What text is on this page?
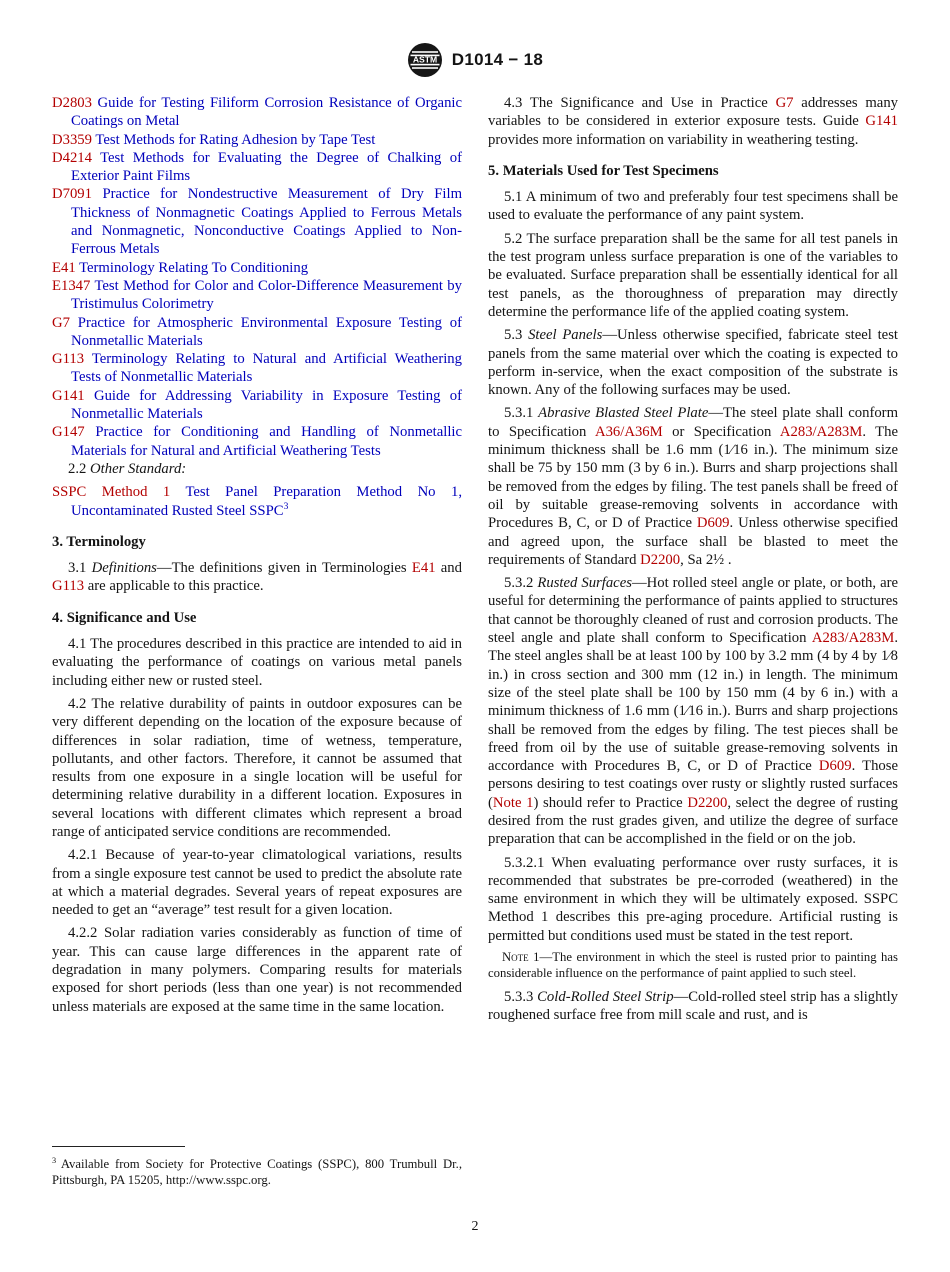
ASTM D1014 − 18
D2803 Guide for Testing Filiform Corrosion Resistance of Organic Coatings on Metal
D3359 Test Methods for Rating Adhesion by Tape Test
D4214 Test Methods for Evaluating the Degree of Chalking of Exterior Paint Films
D7091 Practice for Nondestructive Measurement of Dry Film Thickness of Nonmagnetic Coatings Applied to Ferrous Metals and Nonmagnetic, Nonconductive Coatings Applied to Non-Ferrous Metals
E41 Terminology Relating To Conditioning
E1347 Test Method for Color and Color-Difference Measurement by Tristimulus Colorimetry
G7 Practice for Atmospheric Environmental Exposure Testing of Nonmetallic Materials
G113 Terminology Relating to Natural and Artificial Weathering Tests of Nonmetallic Materials
G141 Guide for Addressing Variability in Exposure Testing of Nonmetallic Materials
G147 Practice for Conditioning and Handling of Nonmetallic Materials for Natural and Artificial Weathering Tests
2.2 Other Standard:
SSPC Method 1 Test Panel Preparation Method No 1, Uncontaminated Rusted Steel SSPC$^3$
3. Terminology
3.1 Definitions—The definitions given in Terminologies E41 and G113 are applicable to this practice.
4. Significance and Use
4.1 The procedures described in this practice are intended to aid in evaluating the performance of coatings on various metal panels including either new or rusted steel.
4.2 The relative durability of paints in outdoor exposures can be very different depending on the location of the exposure because of differences in solar radiation, time of wetness, temperature, pollutants, and other factors. Therefore, it cannot be assumed that results from one exposure in a single location will be useful for determining relative durability in a different location. Exposures in several locations with different climates which represent a broad range of anticipated service conditions are recommended.
4.2.1 Because of year-to-year climatological variations, results from a single exposure test cannot be used to predict the absolute rate at which a material degrades. Several years of repeat exposures are needed to get an “average” test result for a given location.
4.2.2 Solar radiation varies considerably as function of time of year. This can cause large differences in the apparent rate of degradation in many polymers. Comparing results for materials exposed for short periods (less than one year) is not recommended unless materials are exposed at the same time in the same location.
4.3 The Significance and Use in Practice G7 addresses many variables to be considered in exterior exposure tests. Guide G141 provides more information on variability in weathering testing.
5. Materials Used for Test Specimens
5.1 A minimum of two and preferably four test specimens shall be used to evaluate the performance of any paint system.
5.2 The surface preparation shall be the same for all test panels in the test program unless surface preparation is one of the variables to be evaluated. Surface preparation shall be essentially identical for all test panels, as the thoroughness of preparation may directly determine the performance life of the applied coating system.
5.3 Steel Panels—Unless otherwise specified, fabricate steel test panels from the same material over which the coating is expected to perform in-service, when the exact composition of the substrate is known. Any of the following surfaces may be used.
5.3.1 Abrasive Blasted Steel Plate—The steel plate shall conform to Specification A36/A36M or Specification A283/A283M. The minimum thickness shall be 1.6 mm (1⁄16 in.). The minimum size shall be 75 by 150 mm (3 by 6 in.). Burrs and sharp projections shall be removed from the edges by filing. The test panels shall be freed of oil by suitable grease-removing solvents in accordance with Procedures B, C, or D of Practice D609. Unless otherwise specified and agreed upon, the surface shall be blasted to meet the requirements of Standard D2200, Sa 2½ .
5.3.2 Rusted Surfaces—Hot rolled steel angle or plate, or both, are useful for determining the performance of paints applied to structures that cannot be thoroughly cleaned of rust and corrosion products. The steel angle and plate shall conform to Specification A283/A283M. The steel angles shall be at least 100 by 100 by 3.2 mm (4 by 4 by 1⁄8 in.) in cross section and 300 mm (12 in.) in length. The minimum size of the steel plate shall be 100 by 150 mm (4 by 6 in.) with a minimum thickness of 1.6 mm (1⁄16 in.). Burrs and sharp projections shall be removed from the edges by filing. The test pieces shall be freed from oil by the use of suitable grease-removing solvents in accordance with Procedures B, C, or D of Practice D609. Those persons desiring to test coatings over rusty or slightly rusted surfaces (Note 1) should refer to Practice D2200, select the degree of rusting desired from the rust grades given, and utilize the degree of surface preparation that can be accomplished in the field or on the job.
5.3.2.1 When evaluating performance over rusty surfaces, it is recommended that substrates be pre-corroded (weathered) in the same environment in which they will be ultimately exposed. SSPC Method 1 describes this pre-aging procedure. Artificial rusting is permitted but conditions used must be stated in the test report.
Note 1—The environment in which the steel is rusted prior to painting has considerable influence on the performance of paint applied to such steel.
5.3.3 Cold-Rolled Steel Strip—Cold-rolled steel strip has a slightly roughened surface free from mill scale and rust, and is
$^3$ Available from Society for Protective Coatings (SSPC), 800 Trumbull Dr., Pittsburgh, PA 15205, http://www.sspc.org.
2
